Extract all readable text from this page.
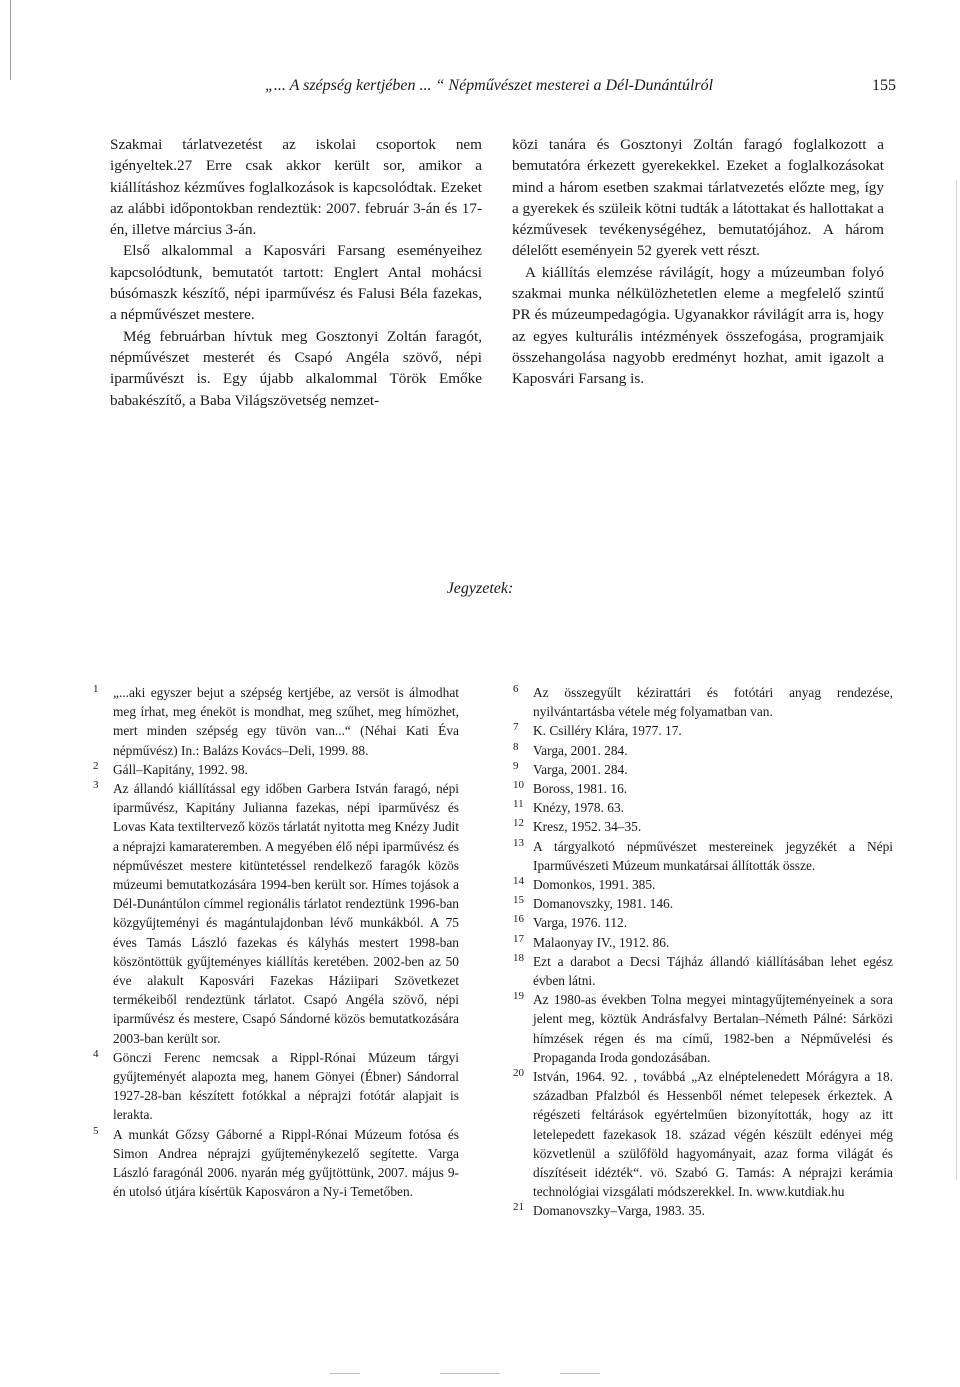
„... A szépség kertjében ... “ Népművészet mesterei a Dél-Dunántúlról	155

Szakmai tárlatvezetést az iskolai csoportok nem igényeltek.27 Erre csak akkor került sor, amikor a kiállításhoz kézműves foglalkozások is kapcsolódtak. Ezeket az alábbi időpontokban rendeztük: 2007. február 3-án és 17-én, illetve március 3-án.

Első alkalommal a Kaposvári Farsang eseményeihez kapcsolódtunk, bemutatót tartott: Englert Antal mohácsi búsómaszk készítő, népi iparművész és Falusi Béla fazekas, a népművészet mestere.

Még februárban hívtuk meg Gosztonyi Zoltán faragót, népművészet mesterét és Csapó Angéla szövő, népi iparművészt is. Egy újabb alkalommal Török Emőke babakészítő, a Baba Világszövetség nemzet-

közi tanára és Gosztonyi Zoltán faragó foglalkozott a bemutatóra érkezett gyerekekkel. Ezeket a foglalkozásokat mind a három esetben szakmai tárlatvezetés előzte meg, így a gyerekek és szüleik kötni tudták a látottakat és hallottakat a kézművesek tevékenységéhez, bemutatójához. A három délelőtt eseményein 52 gyerek vett részt.

A kiállítás elemzése rávilágít, hogy a múzeumban folyó szakmai munka nélkülözhetetlen eleme a megfelelő szintű PR és múzeumpedagógia. Ugyanakkor rávilágít arra is, hogy az egyes kulturális intézmények összefogása, programjaik összehangolása nagyobb eredményt hozhat, amit igazolt a Kaposvári Farsang is.

Jegyzetek:

1 „...aki egyszer bejut a szépség kertjébe, az versöt is álmodhat meg írhat, meg éneköt is mondhat, meg szűhet, meg hímözhet, mert minden szépség egy tüvön van...“ (Néhai Kati Éva népművész) In.: Balázs Kovács–Deli, 1999. 88.

2 Gáll–Kapitány, 1992. 98.

3 Az állandó kiállítással egy időben Garbera István faragó, népi iparművész, Kapitány Julianna fazekas, népi iparművész és Lovas Kata textiltervező közös tárlatát nyitotta meg Knézy Judit a néprajzi kamarateremben. A megyében élő népi iparművész és népművészet mestere kitüntetéssel rendelkező faragók közös múzeumi bemutatkozására 1994-ben került sor. Hímes tojások a Dél-Dunántúlon címmel regionális tárlatot rendeztünk 1996-ban közgyűjteményi és magántulajdonban lévő munkákból. A 75 éves Tamás László fazekas és kályhás mestert 1998-ban köszöntöttük gyűjteményes kiállítás keretében. 2002-ben az 50 éve alakult Kaposvári Fazekas Háziipari Szövetkezet termékeiből rendeztünk tárlatot. Csapó Angéla szövő, népi iparművész és mestere, Csapó Sándorné közös bemutatkozására 2003-ban került sor.

4 Gönczi Ferenc nemcsak a Rippl-Rónai Múzeum tárgyi gyűjteményét alapozta meg, hanem Gönyei (Ébner) Sándorral 1927-28-ban készített fotókkal a néprajzi fotótár alapjait is lerakta.

5 A munkát Gőzsy Gáborné a Rippl-Rónai Múzeum fotósa és Simon Andrea néprajzi gyűjteménykezelő segítette. Varga László faragónál 2006. nyarán még gyűjtöttünk, 2007. május 9-én utolsó útjára kísértük Kaposváron a Ny-i Temetőben.

6 Az összegyűlt kézirattári és fotótári anyag rendezése, nyilvántartásba vétele még folyamatban van.

7 K. Csilléry Klára, 1977. 17.

8 Varga, 2001. 284.

9 Varga, 2001. 284.

10 Boross, 1981. 16.

11 Knézy, 1978. 63.

12 Kresz, 1952. 34–35.

13 A tárgyalkotó népművészet mestereinek jegyzékét a Népi Iparművészeti Múzeum munkatársai állították össze.

14 Domonkos, 1991. 385.

15 Domanovszky, 1981. 146.

16 Varga, 1976. 112.

17 Malaonyay IV., 1912. 86.

18 Ezt a darabot a Decsi Tájház állandó kiállításában lehet egész évben látni.

19 Az 1980-as években Tolna megyei mintagyűjteményeinek a sora jelent meg, köztük Andrásfalvy Bertalan–Németh Pálné: Sárközi hímzések régen és ma című, 1982-ben a Népművelési és Propaganda Iroda gondozásában.

20 István, 1964. 92. , továbbá „Az elnéptelenedett Mórágyra a 18. században Pfalzból és Hessenből német telepesek érkeztek. A régészeti feltárások egyértelműen bizonyították, hogy az itt letelepedett fazekasok 18. század végén készült edényei még közvetlenül a szülőföld hagyományait, azaz forma világát és díszítéseit idézték“. vö. Szabó G. Tamás: A néprajzi kerámia technológiai vizsgálati módszerekkel. In. www.kutdiak.hu

21 Domanovszky–Varga, 1983. 35.
